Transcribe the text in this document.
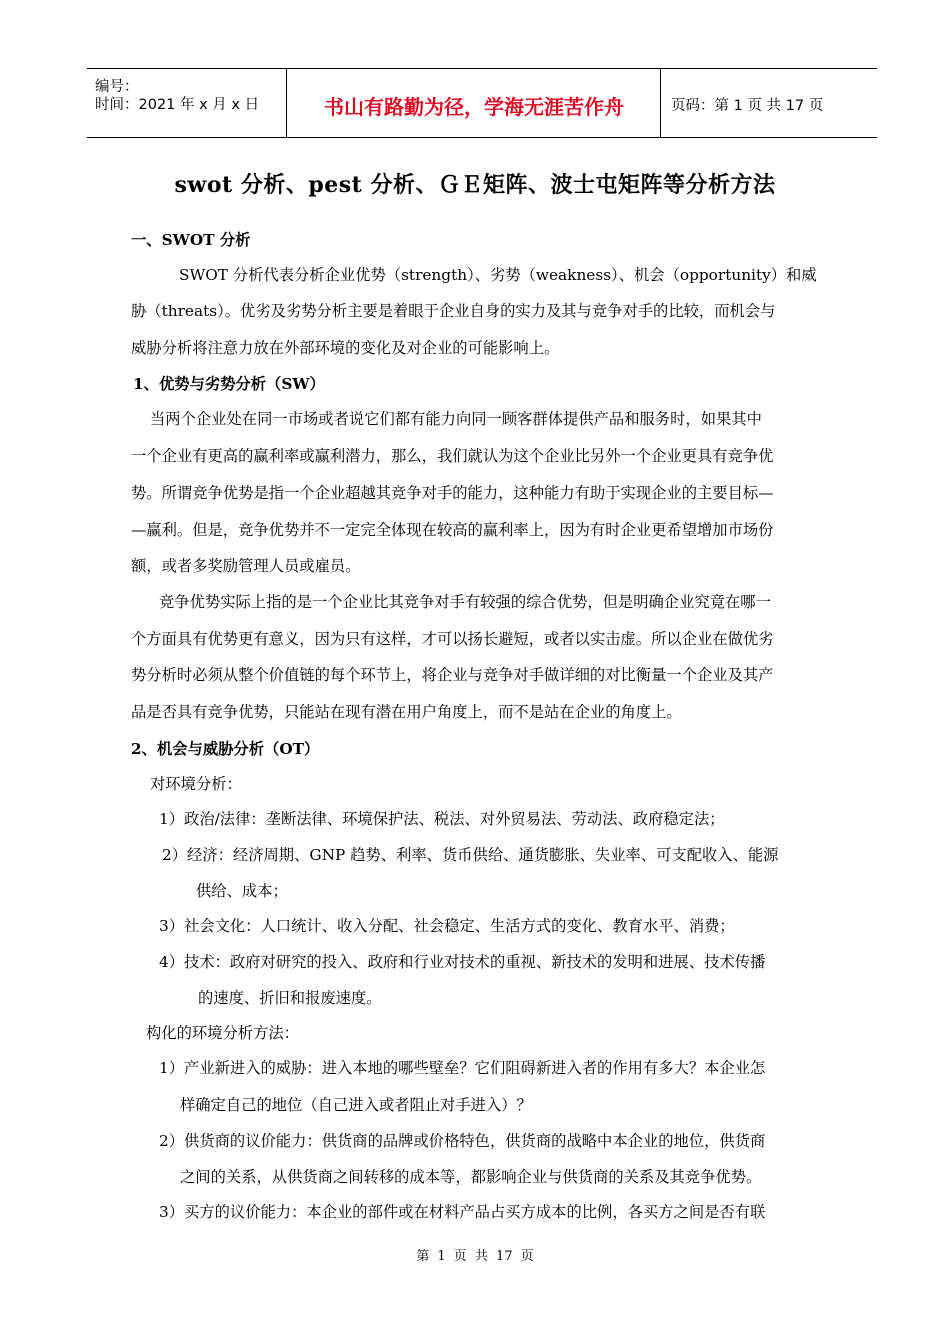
编号：
时间：2021 年 x 月 x 日	书山有路勤为径，学海无涯苦作舟	页码：第 1 页 共 17 页
swot 分析、pest 分析、ＧＥ矩阵、波士屯矩阵等分析方法
一、SWOT 分析
SWOT 分析代表分析企业优势（strength）、劣势（weakness）、机会（opportunity）和威
胁（threats）。优劣及劣势分析主要是着眼于企业自身的实力及其与竞争对手的比较，而机会与
威胁分析将注意力放在外部环境的变化及对企业的可能影响上。
1、优势与劣势分析（SW）
当两个企业处在同一市场或者说它们都有能力向同一顾客群体提供产品和服务时，如果其中
一个企业有更高的赢利率或赢利潜力，那么，我们就认为这个企业比另外一个企业更具有竞争优
势。所谓竞争优势是指一个企业超越其竞争对手的能力，这种能力有助于实现企业的主要目标—
—赢利。但是，竞争优势并不一定完全体现在较高的赢利率上，因为有时企业更希望增加市场份
额，或者多奖励管理人员或雇员。
竞争优势实际上指的是一个企业比其竞争对手有较强的综合优势，但是明确企业究竟在哪一
个方面具有优势更有意义，因为只有这样，才可以扬长避短，或者以实击虚。所以企业在做优劣
势分析时必须从整个价值链的每个环节上，将企业与竞争对手做详细的对比衡量一个企业及其产
品是否具有竞争优势，只能站在现有潜在用户角度上，而不是站在企业的角度上。
2、机会与威胁分析（OT）
对环境分析：
1）政治/法律：垄断法律、环境保护法、税法、对外贸易法、劳动法、政府稳定法；
2）经济：经济周期、GNP 趋势、利率、货币供给、通货膨胀、失业率、可支配收入、能源
供给、成本；
3）社会文化：人口统计、收入分配、社会稳定、生活方式的变化、教育水平、消费；
4）技术：政府对研究的投入、政府和行业对技术的重视、新技术的发明和进展、技术传播
的速度、折旧和报废速度。
构化的环境分析方法：
1）产业新进入的威胁：进入本地的哪些壁垒？它们阻碍新进入者的作用有多大？本企业怎
样确定自己的地位（自己进入或者阻止对手进入）？
2）供货商的议价能力：供货商的品牌或价格特色，供货商的战略中本企业的地位，供货商
之间的关系，从供货商之间转移的成本等，都影响企业与供货商的关系及其竞争优势。
3）买方的议价能力：本企业的部件或在材料产品占买方成本的比例，各买方之间是否有联
第 1 页 共 17 页
